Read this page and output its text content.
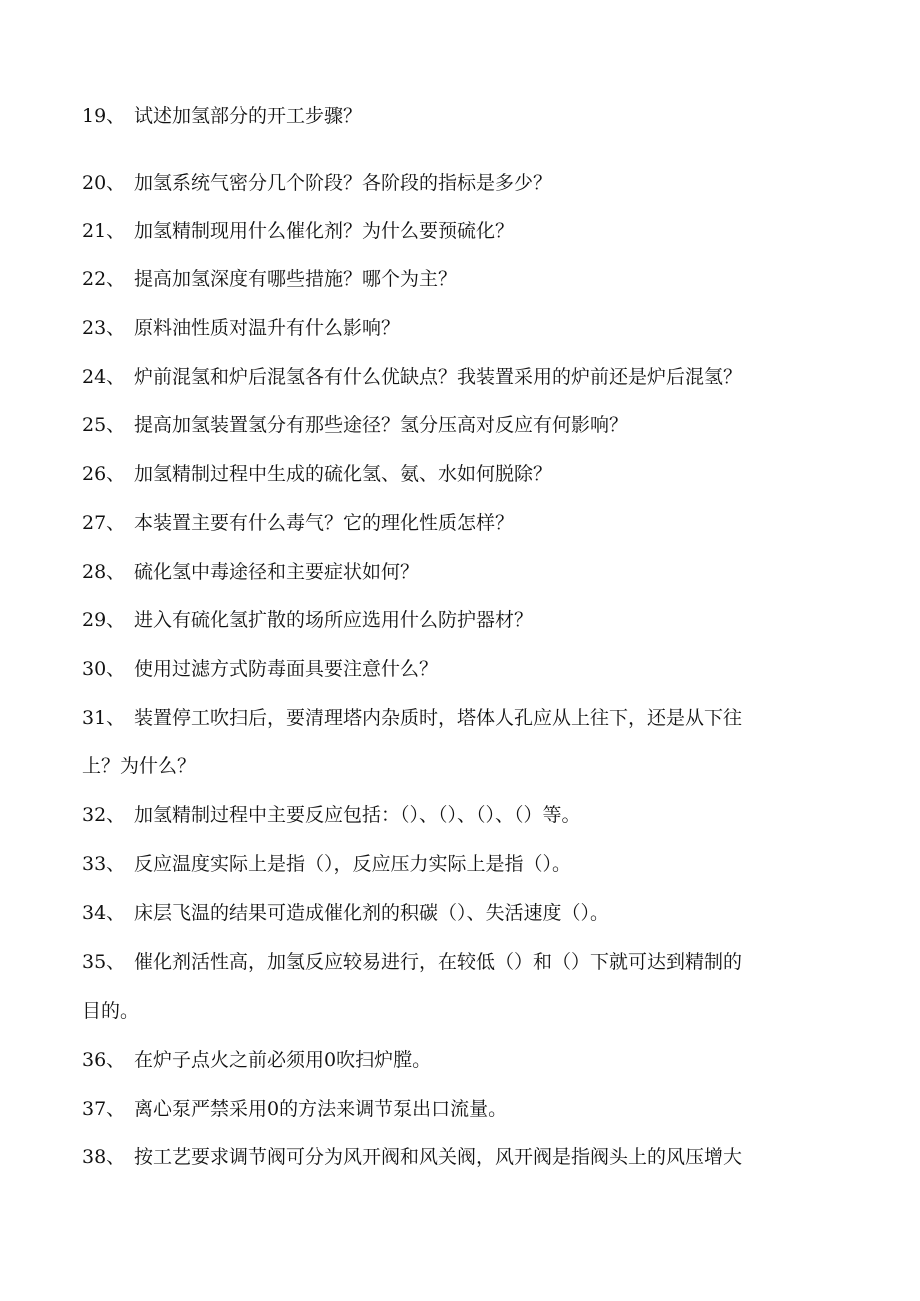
19、 试述加氢部分的开工步骤？
20、 加氢系统气密分几个阶段？各阶段的指标是多少？
21、 加氢精制现用什么催化剂？为什么要预硫化？
22、 提高加氢深度有哪些措施？哪个为主？
23、 原料油性质对温升有什么影响？
24、 炉前混氢和炉后混氢各有什么优缺点？我装置采用的炉前还是炉后混氢？
25、 提高加氢装置氢分有那些途径？氢分压高对反应有何影响？
26、 加氢精制过程中生成的硫化氢、氨、水如何脱除？
27、 本装置主要有什么毒气？它的理化性质怎样？
28、 硫化氢中毒途径和主要症状如何？
29、 进入有硫化氢扩散的场所应选用什么防护器材？
30、 使用过滤方式防毒面具要注意什么？
31、 装置停工吹扫后，要清理塔内杂质时，塔体人孔应从上往下，还是从下往
上？为什么？
32、 加氢精制过程中主要反应包括：（）、（）、（）、（）等。
33、 反应温度实际上是指（），反应压力实际上是指（）。
34、 床层飞温的结果可造成催化剂的积碳（）、失活速度（）。
35、 催化剂活性高，加氢反应较易进行，在较低（）和（）下就可达到精制的
目的。
36、 在炉子点火之前必须用0吹扫炉膛。
37、 离心泵严禁采用0的方法来调节泵出口流量。
38、 按工艺要求调节阀可分为风开阀和风关阀，风开阀是指阀头上的风压增大
